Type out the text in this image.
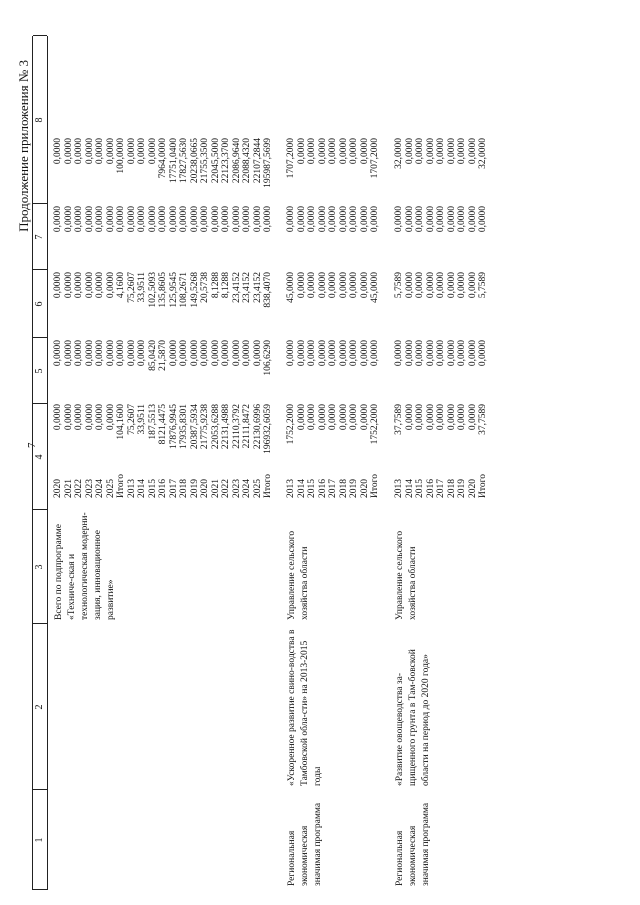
7
Продолжение приложения № 3
1
2
3
4
5
6
7
8
Всего по подпрограмме «Техниче-ская и технологическая модерни-зация, инновационное развитие»
2020
0,0000
0,0000
0,0000
0,0000
0,0000
2021
0,0000
0,0000
0,0000
0,0000
0,0000
2022
0,0000
0,0000
0,0000
0,0000
0,0000
2023
0,0000
0,0000
0,0000
0,0000
0,0000
2024
0,0000
0,0000
0,0000
0,0000
0,0000
2025
0,0000
0,0000
0,0000
0,0000
0,0000
Итого
104,1600
0,0000
4,1600
0,0000
100,0000
2013
75,2607
0,0000
75,2607
0,0000
0,0000
2014
33,9511
0,0000
33,9511
0,0000
0,0000
2015
187,5513
85,0420
102,5093
0,0000
0,0000
2016
8121,4475
21,5870
135,8605
0,0000
7964,0000
2017
17876,9945
0,0000
125,9545
0,0000
17751,0400
2018
17935,8301
0,0000
108,2671
0,0000
17827,5630
2019
20387,5934
0,0000
149,5268
0,0000
20238,0665
2020
21775,9238
0,0000
20,5738
0,0000
21755,3500
2021
22053,6288
0,0000
8,1288
0,0000
22045,5000
2022
22131,4988
0,0000
8,1288
0,0000
22123,3700
2023
22110,3792
0,0000
23,4152
0,0000
22086,9640
2024
22111,8472
0,0000
23,4152
0,0000
22088,4320
2025
22130,6996
0,0000
23,4152
0,0000
22107,2844
Итого
196932,6059
106,6290
838,4070
0,0000
195987,5699
Региональная экономическая значимая программа
«Ускоренное развитие свино-водства в Тамбовской обла-сти» на 2013-2015 годы
Управление сельского хозяйства области
2013
1752,2000
0,0000
45,0000
0,0000
1707,2000
2014
0,0000
0,0000
0,0000
0,0000
0,0000
2015
0,0000
0,0000
0,0000
0,0000
0,0000
2016
0,0000
0,0000
0,0000
0,0000
0,0000
2017
0,0000
0,0000
0,0000
0,0000
0,0000
2018
0,0000
0,0000
0,0000
0,0000
0,0000
2019
0,0000
0,0000
0,0000
0,0000
0,0000
2020
0,0000
0,0000
0,0000
0,0000
0,0000
Итого
1752,2000
0,0000
45,0000
0,0000
1707,2000
Региональная экономическая значимая программа
«Развитие овощеводства за-щищенного грунта в Там-бовской области на период до 2020 года»
Управление сельского хозяйства области
2013
37,7589
0,0000
5,7589
0,0000
32,0000
2014
0,0000
0,0000
0,0000
0,0000
0,0000
2015
0,0000
0,0000
0,0000
0,0000
0,0000
2016
0,0000
0,0000
0,0000
0,0000
0,0000
2017
0,0000
0,0000
0,0000
0,0000
0,0000
2018
0,0000
0,0000
0,0000
0,0000
0,0000
2019
0,0000
0,0000
0,0000
0,0000
0,0000
2020
0,0000
0,0000
0,0000
0,0000
0,0000
Итого
37,7589
0,0000
5,7589
0,0000
32,0000
